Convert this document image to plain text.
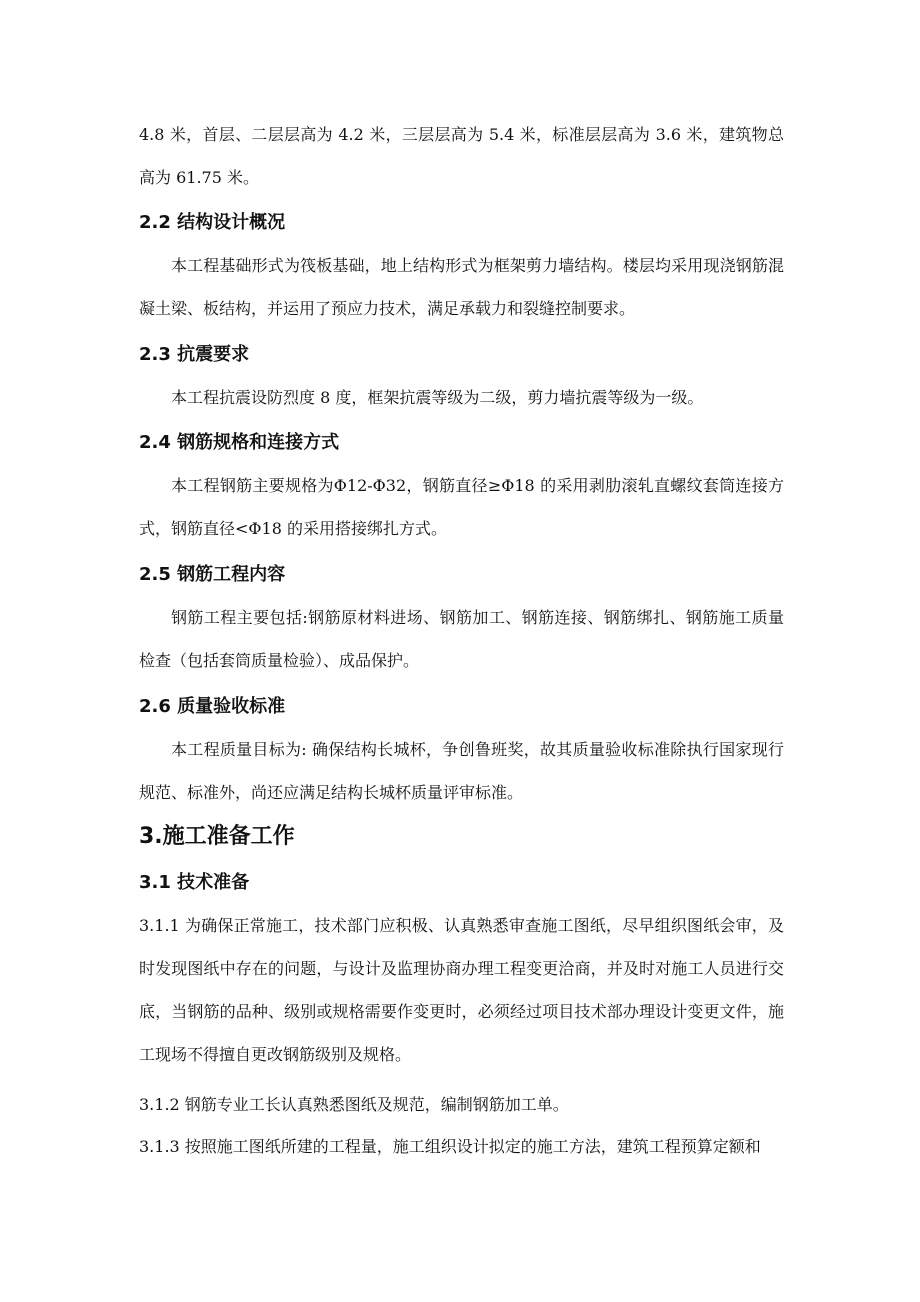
4.8 米，首层、二层层高为 4.2 米，三层层高为 5.4 米，标准层层高为 3.6 米，建筑物总高为 61.75 米。

2.2 结构设计概况

本工程基础形式为筏板基础，地上结构形式为框架剪力墙结构。楼层均采用现浇钢筋混凝土梁、板结构，并运用了预应力技术，满足承载力和裂缝控制要求。

2.3 抗震要求

本工程抗震设防烈度 8 度，框架抗震等级为二级，剪力墙抗震等级为一级。

2.4 钢筋规格和连接方式

本工程钢筋主要规格为Φ12-Φ32，钢筋直径≥Φ18 的采用剥肋滚轧直螺纹套筒连接方式，钢筋直径<Φ18 的采用搭接绑扎方式。

2.5 钢筋工程内容

钢筋工程主要包括:钢筋原材料进场、钢筋加工、钢筋连接、钢筋绑扎、钢筋施工质量检查（包括套筒质量检验）、成品保护。

2.6 质量验收标准

本工程质量目标为: 确保结构长城杯，争创鲁班奖，故其质量验收标准除执行国家现行规范、标准外，尚还应满足结构长城杯质量评审标准。

3.施工准备工作
3.1 技术准备

3.1.1 为确保正常施工，技术部门应积极、认真熟悉审查施工图纸，尽早组织图纸会审，及时发现图纸中存在的问题，与设计及监理协商办理工程变更洽商，并及时对施工人员进行交底，当钢筋的品种、级别或规格需要作变更时，必须经过项目技术部办理设计变更文件，施工现场不得擅自更改钢筋级别及规格。

3.1.2 钢筋专业工长认真熟悉图纸及规范，编制钢筋加工单。

3.1.3 按照施工图纸所建的工程量，施工组织设计拟定的施工方法，建筑工程预算定额和
